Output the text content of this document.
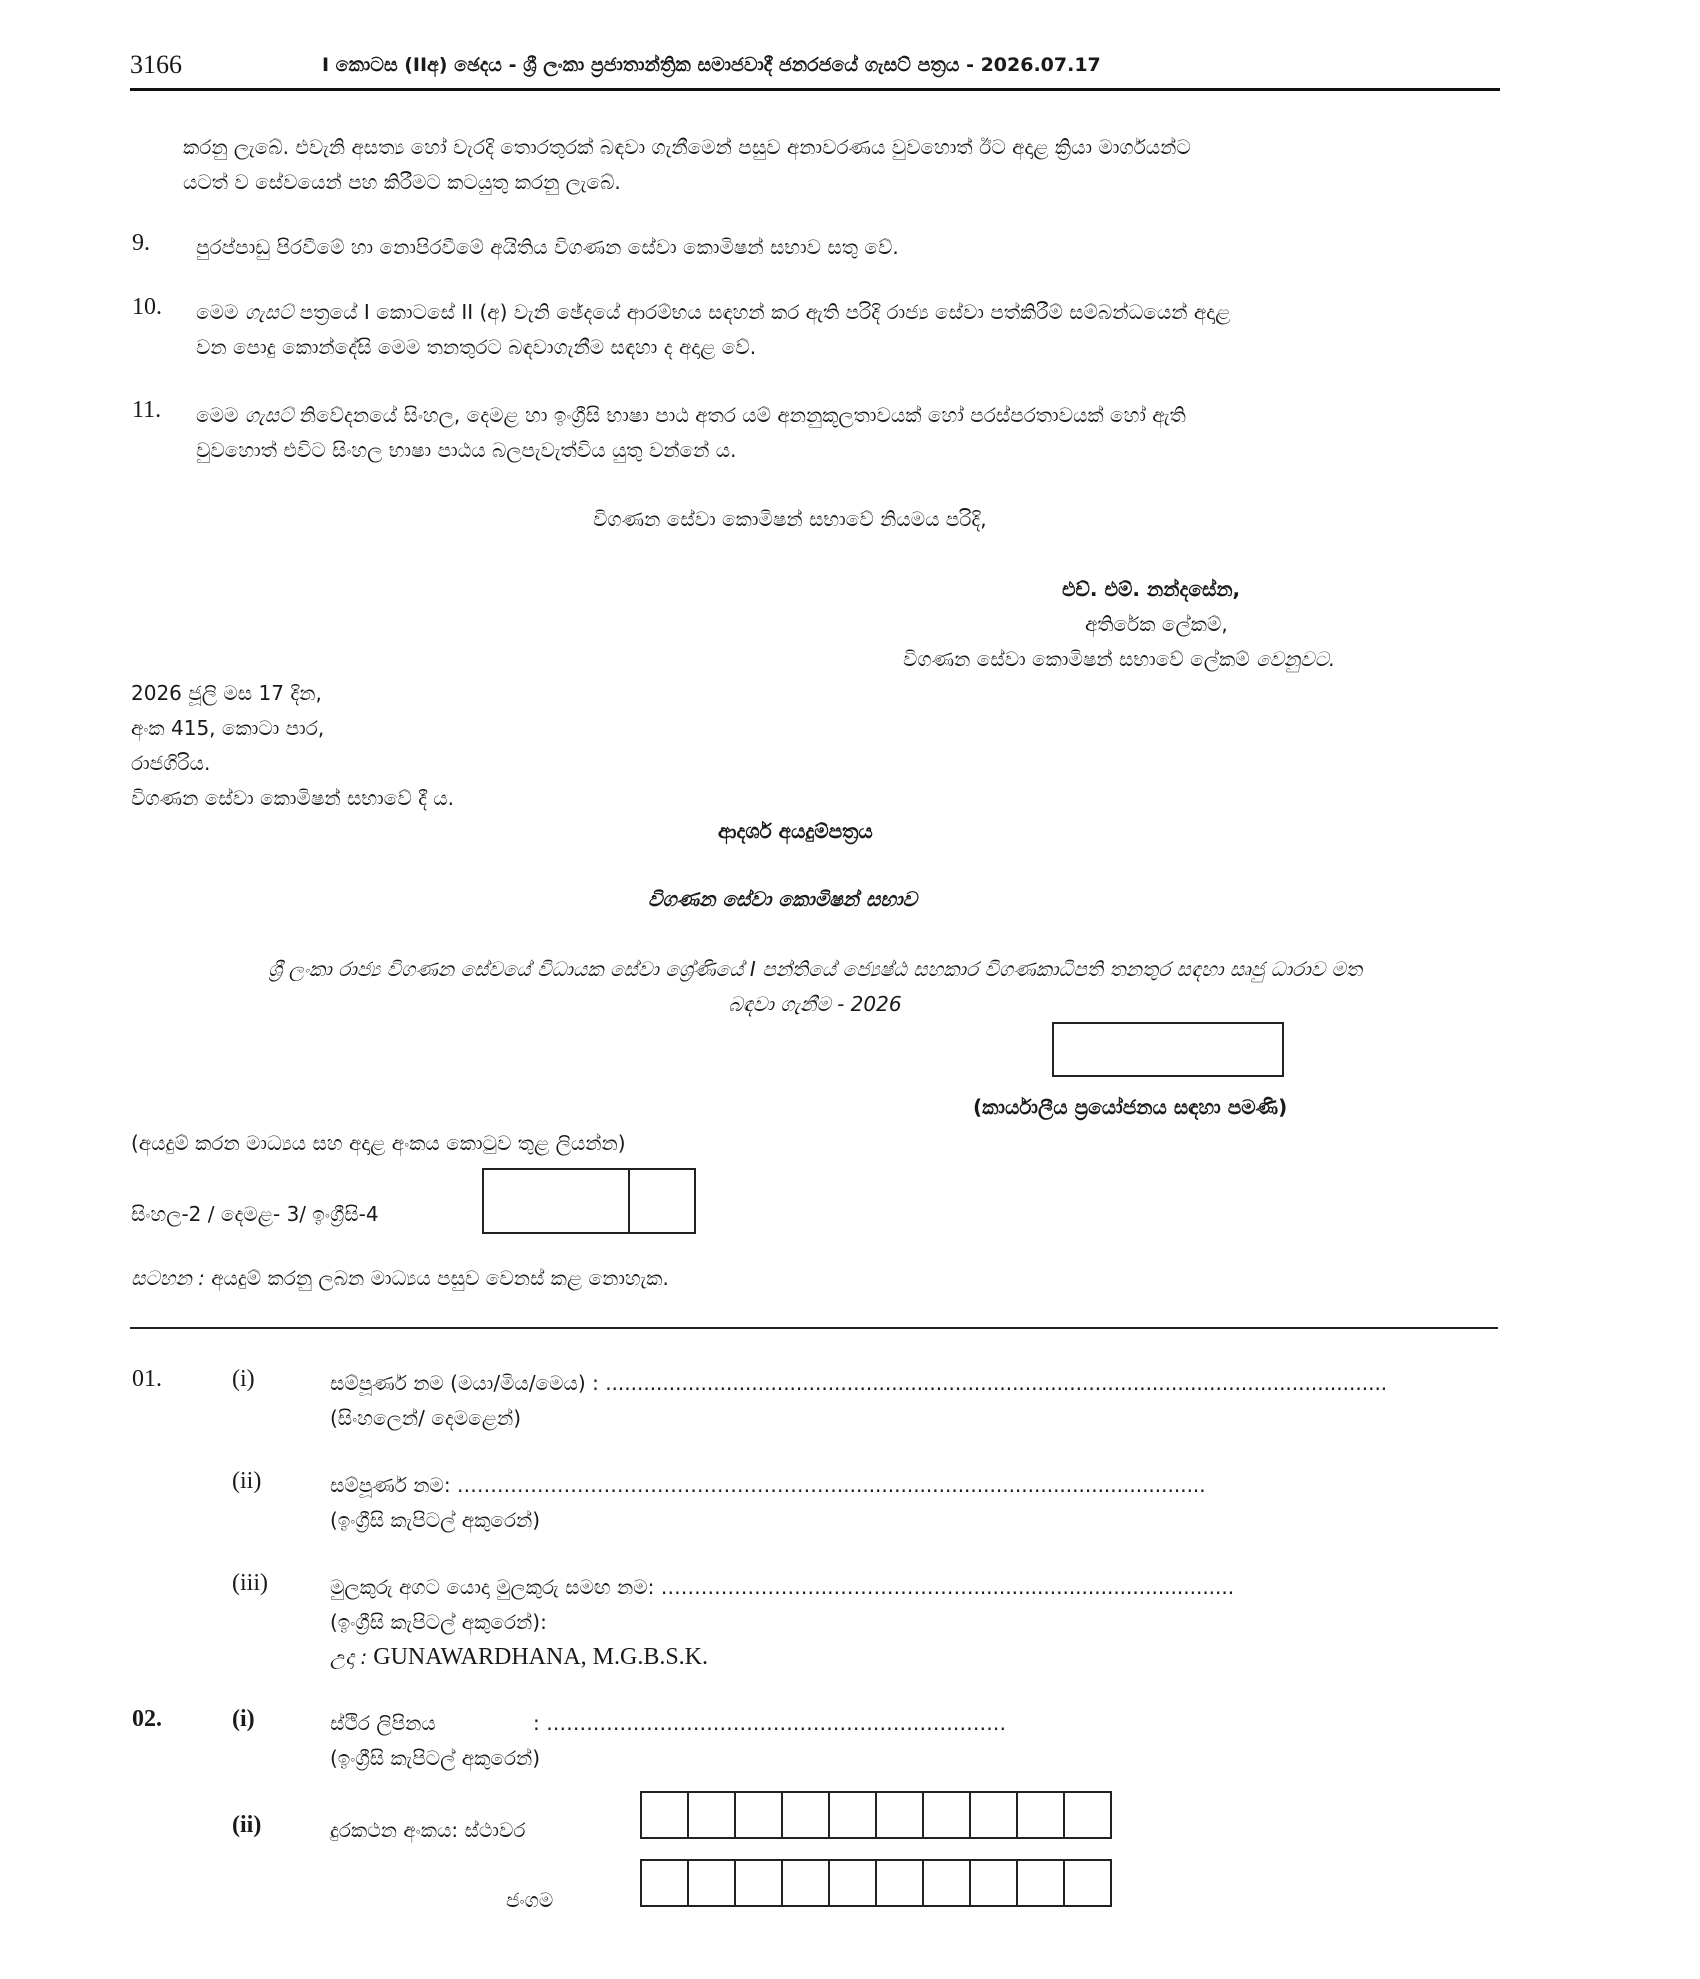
3166	I කොටස (IIඅ) ඡෙදය - ශ්‍රී ලංකා ප්‍රජාතාන්ත්‍රික සමාජවාදී ජනරජයේ ගැසට් පත්‍රය - 2026.07.17
කරනු ලැබේ. එවැනි අසත්‍ය හෝ වැරදි තොරතුරක් බඳවා ගැනීමෙන් පසුව අනාවරණය වුවහොත් ඊට අදාළ ක්‍රියා මාර්ගයන්ට
යටත් ව සේවයෙන් පහ කිරීමට කටයුතු කරනු ලැබේ.
9. පුරප්පාඩු පිරවීමේ හා නොපිරවීමේ අයිතිය විගණන සේවා කොමිෂන් සභාව සතු වේ.
10. මෙම ගැසට් පත්‍රයේ I කොටසේ II (අ) වැනි ඡේදයේ ආරම්භය සඳහන් කර ඇති පරිදි රාජ්‍ය සේවා පත්කිරීම් සම්බන්ධයෙන් අදාළ
වන පොදු කොන්දේසි මෙම තනතුරට බඳවාගැනීම සඳහා ද අදාළ වේ.
11. මෙම ගැසට් නිවේදනයේ සිංහල, දෙමළ හා ඉංග්‍රීසි භාෂා පාඨ අතර යම් අනනුකූලතාවයක් හෝ පරස්පරතාවයක් හෝ ඇති
වුවහොත් එවිට සිංහල භාෂා පාඨය බලපැවැත්විය යුතු වන්නේ ය.
විගණන සේවා කොමිෂන් සභාවේ නියමය පරිදි,
එච්. එම්. නන්දසේන,
අතිරේක ලේකම්,
විගණන සේවා කොමිෂන් සභාවේ ලේකම් වෙනුවට.
2026 ජූලි මස 17 දින,
අංක 415, කොටා පාර,
රාජගිරිය.
විගණන සේවා කොමිෂන් සභාවේ දී ය.
ආදර්ශ අයදුම්පත්‍රය
විගණන සේවා කොමිෂන් සභාව
ශ්‍රී ලංකා රාජ්‍ය විගණන සේවයේ විධායක සේවා ශ්‍රේණියේ I පන්තියේ ජ්‍යෙෂ්ඨ සහකාර විගණකාධිපති තනතුර සඳහා සෘජු ධාරාව මත
බඳවා ගැනීම - 2026
(කාර්යාලීය ප්‍රයෝජනය සඳහා පමණි)
(අයදුම් කරන මාධ්‍යය සහ අදාළ අංකය කොටුව තුළ ලියන්න)
සිංහල-2 / දෙමළ- 3/ ඉංග්‍රීසි-4
සටහන : අයදුම් කරනු ලබන මාධ්‍යය පසුව වෙනස් කළ නොහැක.
01.	(i)	සම්පූර්ණ නම (මයා/මිය/මෙය) : ...........................................................................................................................
(සිංහලෙන්/ දෙමළෙන්)
(ii)	සම්පූර්ණ නම: …………………………………………………..........................................................
(ඉංග්‍රීසි කැපිටල් අකුරෙන්)
(iii)	මුලකුරු අගට යොදා මුලකුරු සමඟ නම: ……………………..………………….........................................
(ඉංග්‍රීසි කැපිටල් අකුරෙන්):
උදා : GUNAWARDHANA, M.G.B.S.K.
02.	(i)	ස්ථිර ලිපිනය	: ……………………………………………………………
(ඉංග්‍රීසි කැපිටල් අකුරෙන්)
(ii)	දුරකථන අංකය: ස්ථාවර
ජංගම
